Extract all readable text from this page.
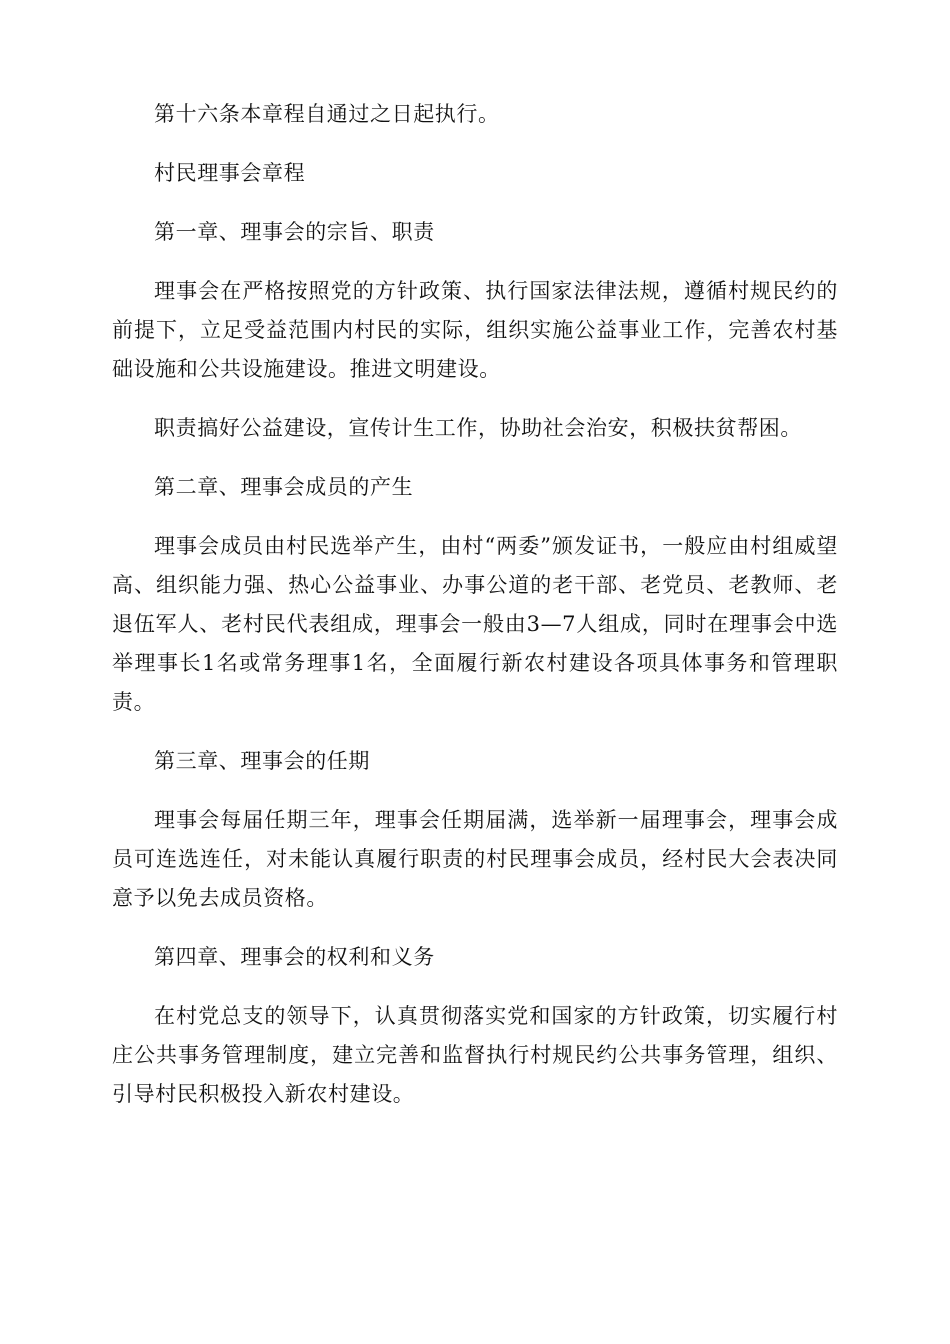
第十六条本章程自通过之日起执行。

村民理事会章程

第一章、理事会的宗旨、职责

理事会在严格按照党的方针政策、执行国家法律法规，遵循村规民约的前提下，立足受益范围内村民的实际，组织实施公益事业工作，完善农村基础设施和公共设施建设。推进文明建设。

职责搞好公益建设，宣传计生工作，协助社会治安，积极扶贫帮困。

第二章、理事会成员的产生

理事会成员由村民选举产生，由村“两委”颁发证书，一般应由村组威望高、组织能力强、热心公益事业、办事公道的老干部、老党员、老教师、老退伍军人、老村民代表组成，理事会一般由3—7人组成，同时在理事会中选举理事长1名或常务理事1名，全面履行新农村建设各项具体事务和管理职责。

第三章、理事会的任期

理事会每届任期三年，理事会任期届满，选举新一届理事会，理事会成员可连选连任，对未能认真履行职责的村民理事会成员，经村民大会表决同意予以免去成员资格。

第四章、理事会的权利和义务

在村党总支的领导下，认真贯彻落实党和国家的方针政策，切实履行村庄公共事务管理制度，建立完善和监督执行村规民约公共事务管理，组织、引导村民积极投入新农村建设。
